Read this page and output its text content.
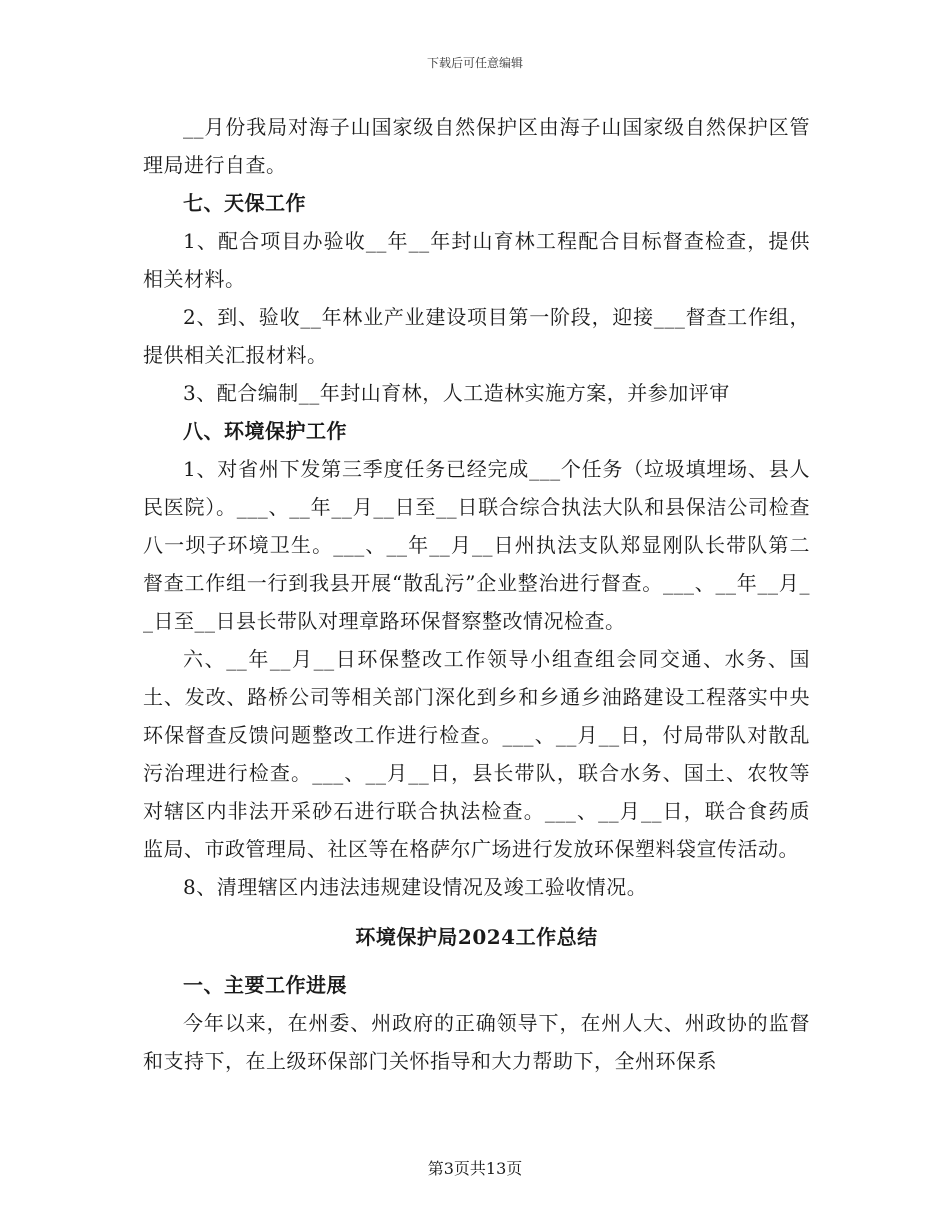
下载后可任意编辑

__月份我局对海子山国家级自然保护区由海子山国家级自然保护区管理局进行自查。

七、天保工作

1、配合项目办验收__年__年封山育林工程配合目标督查检查，提供相关材料。

2、到、验收__年林业产业建设项目第一阶段，迎接___督查工作组，提供相关汇报材料。

3、配合编制__年封山育林，人工造林实施方案，并参加评审

八、环境保护工作

1、对省州下发第三季度任务已经完成___个任务（垃圾填埋场、县人民医院）。___、__年__月__日至__日联合综合执法大队和县保洁公司检查八一坝子环境卫生。___、__年__月__日州执法支队郑显刚队长带队第二督查工作组一行到我县开展“散乱污”企业整治进行督查。___、__年__月__日至__日县长带队对理章路环保督察整改情况检查。

六、__年__月__日环保整改工作领导小组查组会同交通、水务、国土、发改、路桥公司等相关部门深化到乡和乡通乡油路建设工程落实中央环保督查反馈问题整改工作进行检查。___、__月__日，付局带队对散乱污治理进行检查。___、__月__日，县长带队，联合水务、国土、农牧等对辖区内非法开采砂石进行联合执法检查。___、__月__日，联合食药质监局、市政管理局、社区等在格萨尔广场进行发放环保塑料袋宣传活动。

8、清理辖区内违法违规建设情况及竣工验收情况。

环境保护局2024工作总结

一、主要工作进展

今年以来，在州委、州政府的正确领导下，在州人大、州政协的监督和支持下，在上级环保部门关怀指导和大力帮助下，全州环保系

第3页共13页
